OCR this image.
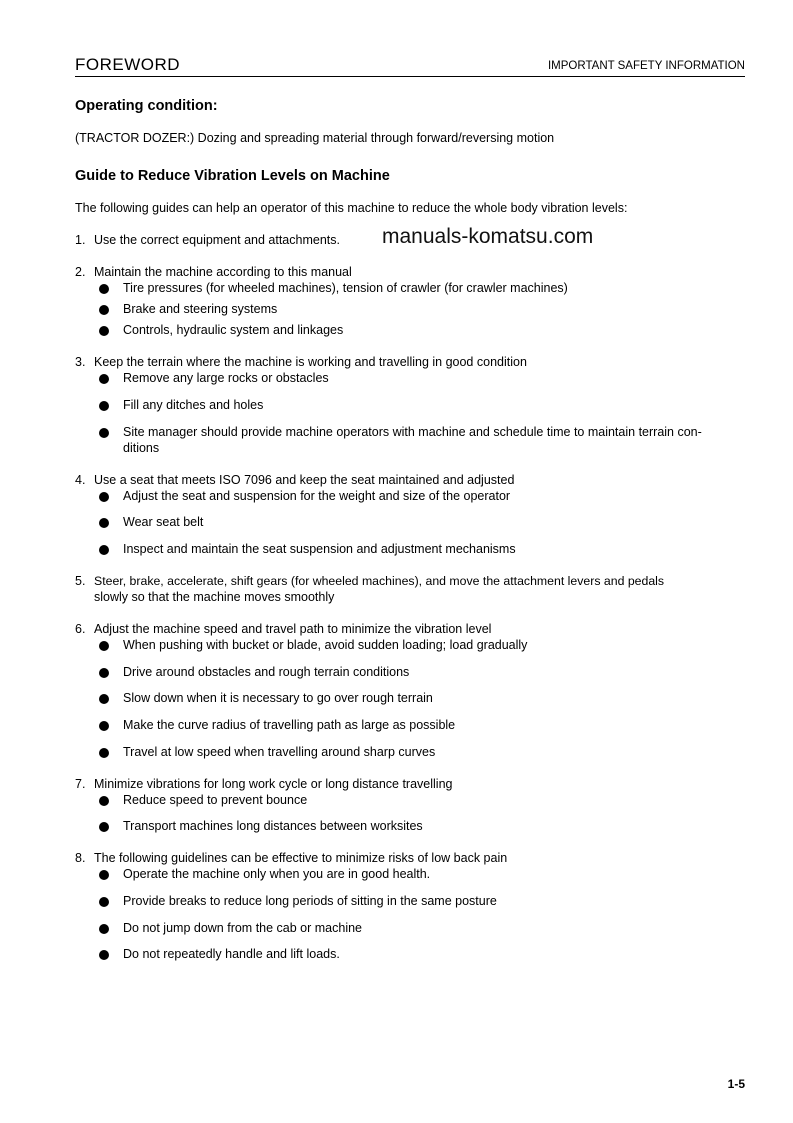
FOREWORD	IMPORTANT SAFETY INFORMATION
Operating condition:
(TRACTOR DOZER:) Dozing and spreading material through forward/reversing motion
Guide to Reduce Vibration Levels on Machine
The following guides can help an operator of this machine to reduce the whole body vibration levels:
manuals-komatsu.com
1. Use the correct equipment and attachments.
2. Maintain the machine according to this manual
Tire pressures (for wheeled machines), tension of crawler (for crawler machines)
Brake and steering systems
Controls, hydraulic system and linkages
3. Keep the terrain where the machine is working and travelling in good condition
Remove any large rocks or obstacles
Fill any ditches and holes
Site manager should provide machine operators with machine and schedule time to maintain terrain con-
ditions
4. Use a seat that meets ISO 7096 and keep the seat maintained and adjusted
Adjust the seat and suspension for the weight and size of the operator
Wear seat belt
Inspect and maintain the seat suspension and adjustment mechanisms
5. Steer, brake, accelerate, shift gears (for wheeled machines), and move the attachment levers and pedals
slowly so that the machine moves smoothly
6. Adjust the machine speed and travel path to minimize the vibration level
When pushing with bucket or blade, avoid sudden loading; load gradually
Drive around obstacles and rough terrain conditions
Slow down when it is necessary to go over rough terrain
Make the curve radius of travelling path as large as possible
Travel at low speed when travelling around sharp curves
7. Minimize vibrations for long work cycle or long distance travelling
Reduce speed to prevent bounce
Transport machines long distances between worksites
8. The following guidelines can be effective to minimize risks of low back pain
Operate the machine only when you are in good health.
Provide breaks to reduce long periods of sitting in the same posture
Do not jump down from the cab or machine
Do not repeatedly handle and lift loads.
1-5
